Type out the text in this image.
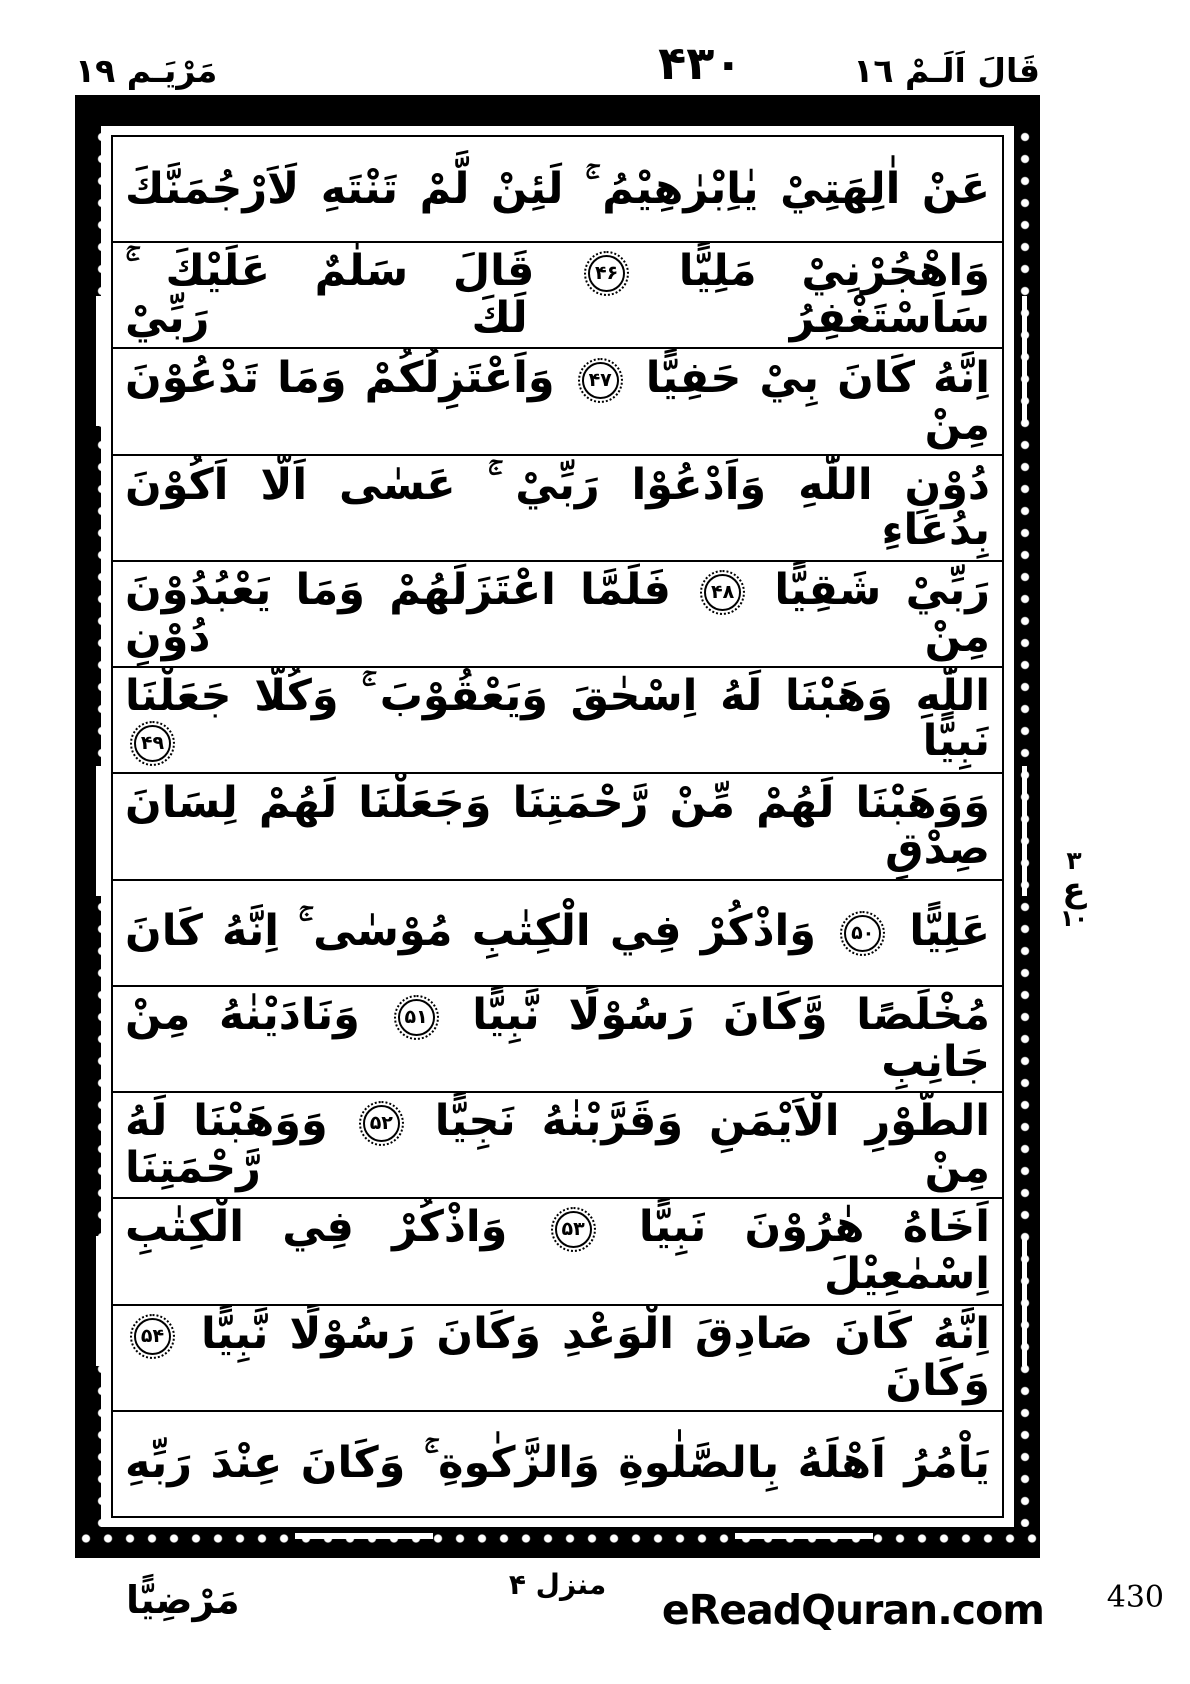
قَالَ اَلَـمْ ١٦
۴۳۰
مَرْيَـم ١٩
عَنْ اٰلِهَتِيْ يٰاِبْرٰهِيْمُ ۚ لَئِنْ لَّمْ تَنْتَهِ لَاَرْجُمَنَّكَ
وَاهْجُرْنِيْ مَلِيًّا
۴۶
قَالَ سَلٰمٌ عَلَيْكَ ۚ سَاَسْتَغْفِرُ لَكَ رَبِّيْ
اِنَّهُ كَانَ بِيْ حَفِيًّا
۴۷
وَاَعْتَزِلُكُمْ وَمَا تَدْعُوْنَ مِنْ
دُوْنِ اللّٰهِ وَاَدْعُوْا رَبِّيْ ۚ عَسٰى اَلَّا اَكُوْنَ بِدُعَاءِ
رَبِّيْ شَقِيًّا
۴۸
فَلَمَّا اعْتَزَلَهُمْ وَمَا يَعْبُدُوْنَ مِنْ دُوْنِ
اللّٰهِ وَهَبْنَا لَهُ اِسْحٰقَ وَيَعْقُوْبَ ۚ وَكُلًّا جَعَلْنَا نَبِيًّا
۴۹
وَوَهَبْنَا لَهُمْ مِّنْ رَّحْمَتِنَا وَجَعَلْنَا لَهُمْ لِسَانَ صِدْقٍ
عَلِيًّا
۵۰
وَاذْكُرْ فِي الْكِتٰبِ مُوْسٰى ۚ اِنَّهُ كَانَ
مُخْلَصًا وَّكَانَ رَسُوْلًا نَّبِيًّا
۵۱
وَنَادَيْنٰهُ مِنْ جَانِبِ
الطُّوْرِ الْاَيْمَنِ وَقَرَّبْنٰهُ نَجِيًّا
۵۲
وَوَهَبْنَا لَهُ مِنْ رَّحْمَتِنَا
اَخَاهُ هٰرُوْنَ نَبِيًّا
۵۳
وَاذْكُرْ فِي الْكِتٰبِ اِسْمٰعِيْلَ
اِنَّهُ كَانَ صَادِقَ الْوَعْدِ وَكَانَ رَسُوْلًا نَّبِيًّا
۵۴
وَكَانَ
يَاْمُرُ اَهْلَهُ بِالصَّلٰوةِ وَالزَّكٰوةِ ۚ وَكَانَ عِنْدَ رَبِّهِ
٣
ع
١٠
مَرْضِيًّا	منزل ۴
eReadQuran.com 430
